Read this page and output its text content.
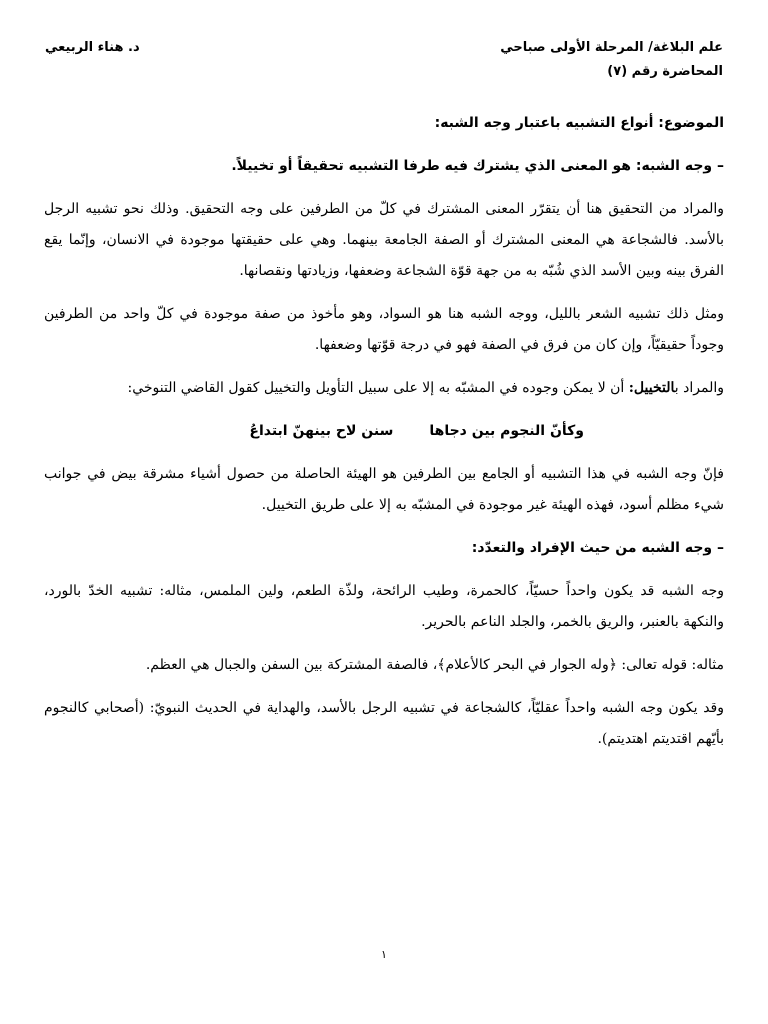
علم البلاغة/ المرحلة الأولى صباحي
المحاضرة رقم (٧)
د. هناء الربيعي
الموضوع: أنواع التشبيه باعتبار وجه الشبه:
– وجه الشبه: هو المعنى الذي يشترك فيه طرفا التشبيه تحقيقاً أو تخييلاً.

والمراد من التحقيق هنا أن يتقرّر المعنى المشترك في كلّ من الطرفين على وجه التحقيق. وذلك نحو تشبيه الرجل بالأسد. فالشجاعة هي المعنى المشترك أو الصفة الجامعة بينهما. وهي على حقيقتها موجودة في الانسان، وإنّما يقع الفرق بينه وبين الأسد الذي شُبّه به من جهة قوّة الشجاعة وضعفها، وزيادتها ونقصانها.

ومثل ذلك تشبيه الشعر بالليل، ووجه الشبه هنا هو السواد، وهو مأخوذ من صفة موجودة في كلّ واحد من الطرفين وجوداً حقيقيّاً، وإن كان من فرق في الصفة فهو في درجة قوّتها وضعفها.

والمراد بالتخييل: أن لا يمكن وجوده في المشبّه به إلا على سبيل التأويل والتخييل كقول القاضي التنوخي:

وكأنّ النجوم بين دجاهاسنن لاح بينهنّ ابتداعُ

فإنّ وجه الشبه في هذا التشبيه أو الجامع بين الطرفين هو الهيئة الحاصلة من حصول أشياء مشرقة بيض في جوانب شيء مظلم أسود، فهذه الهيئة غير موجودة في المشبّه به إلا على طريق التخييل.

– وجه الشبه من حيث الإفراد والتعدّد:

وجه الشبه قد يكون واحداً حسيّاً، كالحمرة، وطيب الرائحة، ولذّة الطعم، ولين الملمس، مثاله: تشبيه الخدّ بالورد، والنكهة بالعنبر، والريق بالخمر، والجلد الناعم بالحرير.

مثاله: قوله تعالى: ﴿وله الجوار في البحر كالأعلام﴾، فالصفة المشتركة بين السفن والجبال هي العظم.

وقد يكون وجه الشبه واحداً عقليّاً، كالشجاعة في تشبيه الرجل بالأسد، والهداية في الحديث النبويّ: (أصحابي كالنجوم بأيّهم اقتديتم اهتديتم).

١
